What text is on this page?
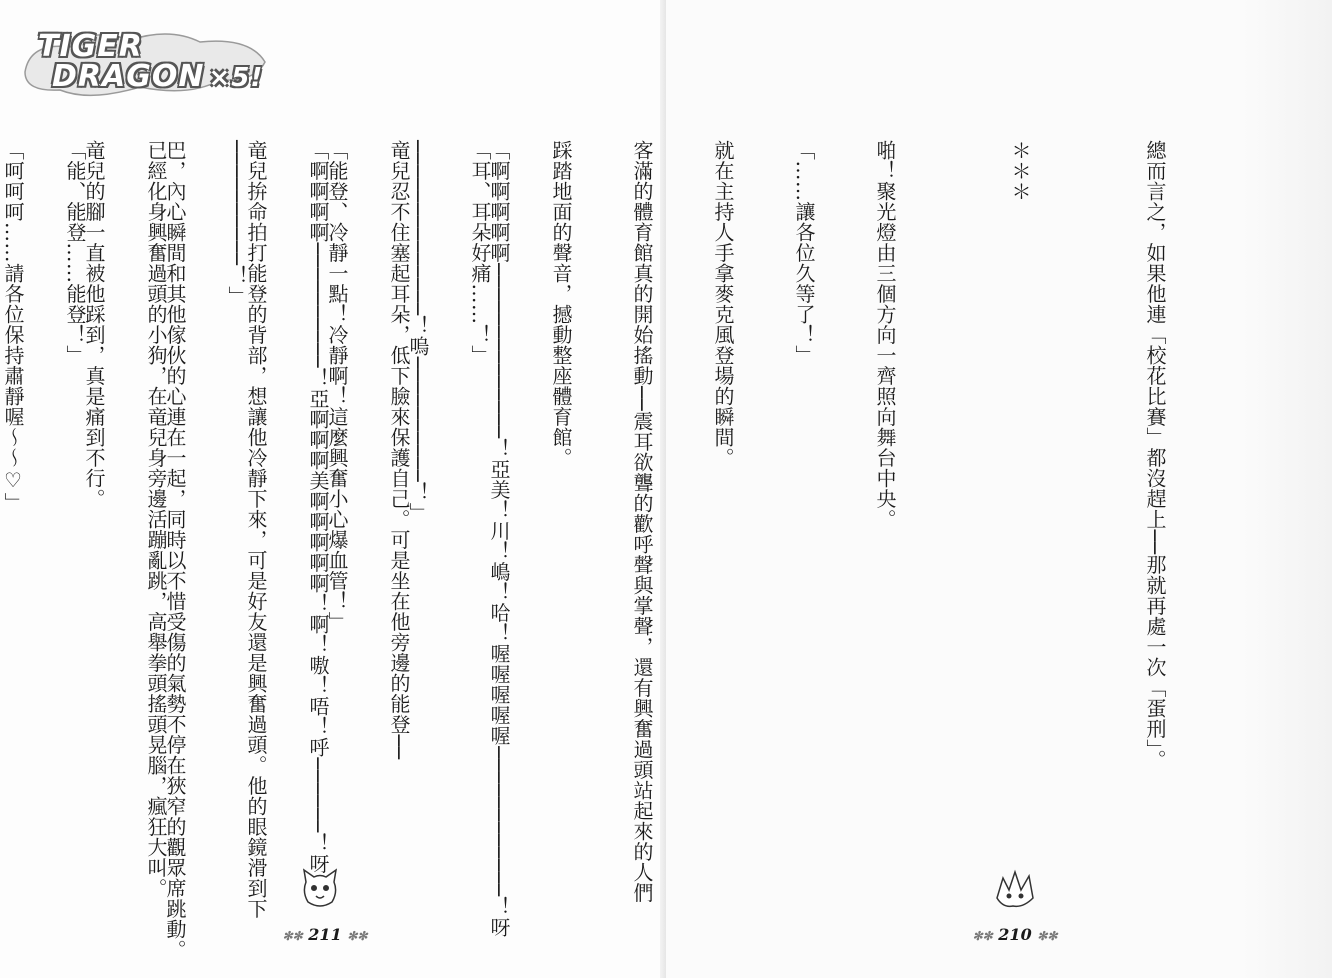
TIGER
DRAGON ×5!

「啊啊啊啊啊──────────────！亞美！川！嶋！哈！喔喔喔喔喔────────────！呀

──────────────！嗚──────────！」

「能登、冷靜一點！冷靜啊！這麼興奮小心爆血管！」

竜兒拚命拍打能登的背部，想讓他冷靜下來，可是好友還是興奮過頭。他的眼鏡滑到下

巴，內心瞬間和其他傢伙的心連在一起，同時以不惜受傷的氣勢不停在狹窄的觀眾席跳動。

竜兒的腳一直被他踩到，真是痛到不行。

「呵呵呵……請各位保持肅靜喔～～♡」

✻✻ 211 ✻✻

總而言之，如果他連「校花比賽」都沒趕上──那就再處一次「蛋刑」。

＊＊＊

啪！聚光燈由三個方向一齊照向舞台中央。

「……讓各位久等了！」

就在主持人手拿麥克風登場的瞬間。

客滿的體育館真的開始搖動──震耳欲聾的歡呼聲與掌聲，還有興奮過頭站起來的人們

踩踏地面的聲音，撼動整座體育館。

「耳、耳朵好痛……！」

竜兒忍不住塞起耳朵，低下臉來保護自己。可是坐在他旁邊的能登──

「啊啊啊啊──────────！亞啊啊啊美啊啊啊啊啊！啊！嗷！唔！呼──────！呀

──────────！」

已經化身興奮過頭的小狗，在竜兒身旁邊活蹦亂跳，高舉拳頭搖頭晃腦，瘋狂大叫。

「能、能登……能登！」

✻✻ 210 ✻✻
